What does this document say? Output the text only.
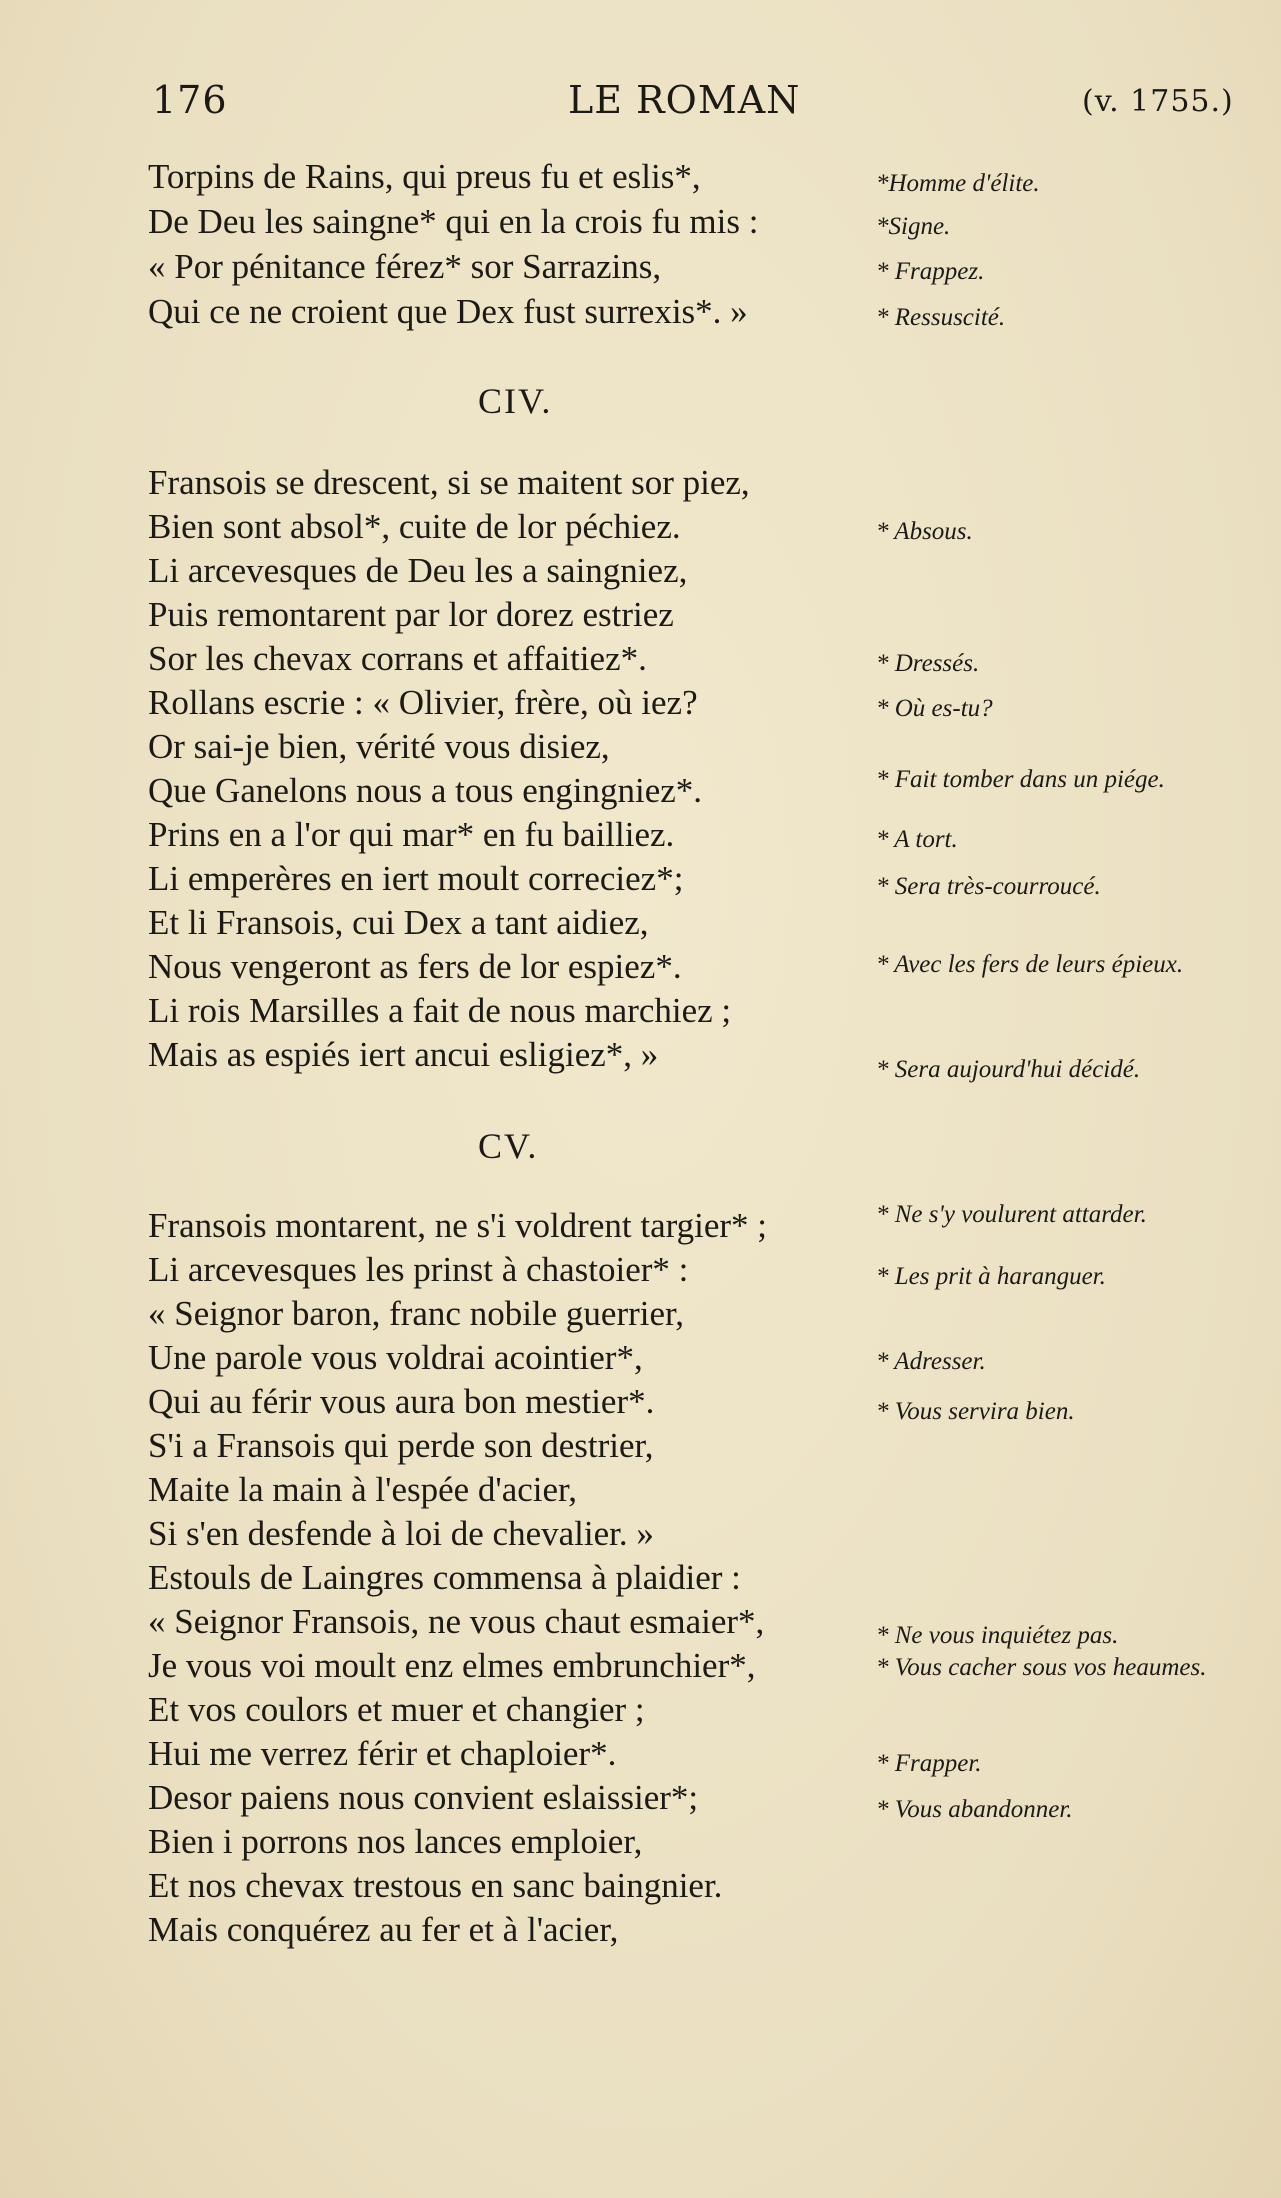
176	LE ROMAN	(v. 1755.)
Torpins de Rains, qui preus fu et eslis*,
De Deu les saingne* qui en la crois fu mis :
« Por pénitance férez* sor Sarrazins,
Qui ce ne croient que Dex fust surrexis*. »
CIV.
Fransois se drescent, si se maitent sor piez,
Bien sont absol*, cuite de lor péchiez.
Li arcevesques de Deu les a saingniez,
Puis remontarent par lor dorez estriez
Sor les chevax corrans et affaitiez*.
Rollans escrie : « Olivier, frère, où iez?
Or sai-je bien, vérité vous disiez,
Que Ganelons nous a tous engingniez*.
Prins en a l'or qui mar* en fu bailliez.
Li emperères en iert moult correciez*;
Et li Fransois, cui Dex a tant aidiez,
Nous vengeront as fers de lor espiez*.
Li rois Marsilles a fait de nous marchiez ;
Mais as espiés iert ancui esligiez*, »
CV.
Fransois montarent, ne s'i voldrent targier* ;
Li arcevesques les prinst à chastoier* :
« Seignor baron, franc nobile guerrier,
Une parole vous voldrai acointier*,
Qui au férir vous aura bon mestier*.
S'i a Fransois qui perde son destrier,
Maite la main à l'espée d'acier,
Si s'en desfende à loi de chevalier. »
Estouls de Laingres commensa à plaidier :
« Seignor Fransois, ne vous chaut esmaier*,
Je vous voi moult enz elmes embrunchier*,
Et vos coulors et muer et changier ;
Hui me verrez férir et chaploier*.
Desor paiens nous convient eslaissier*;
Bien i porrons nos lances emploier,
Et nos chevax trestous en sanc baingnier.
Mais conquérez au fer et à l'acier,
*Homme d'élite.
*Signe.
* Frappez.
* Ressuscité.
* Absous.
* Dressés.
* Où es-tu?
* Fait tomber dans un piége.
* A tort.
* Sera très-courroucé.
* Avec les fers de leurs épieux.
* Sera aujourd'hui décidé.
* Ne s'y voulurent attarder.
* Les prit à haranguer.
* Adresser.
* Vous servira bien.
* Ne vous inquiétez pas.
* Vous cacher sous vos heaumes.
* Frapper.
* Vous abandonner.
